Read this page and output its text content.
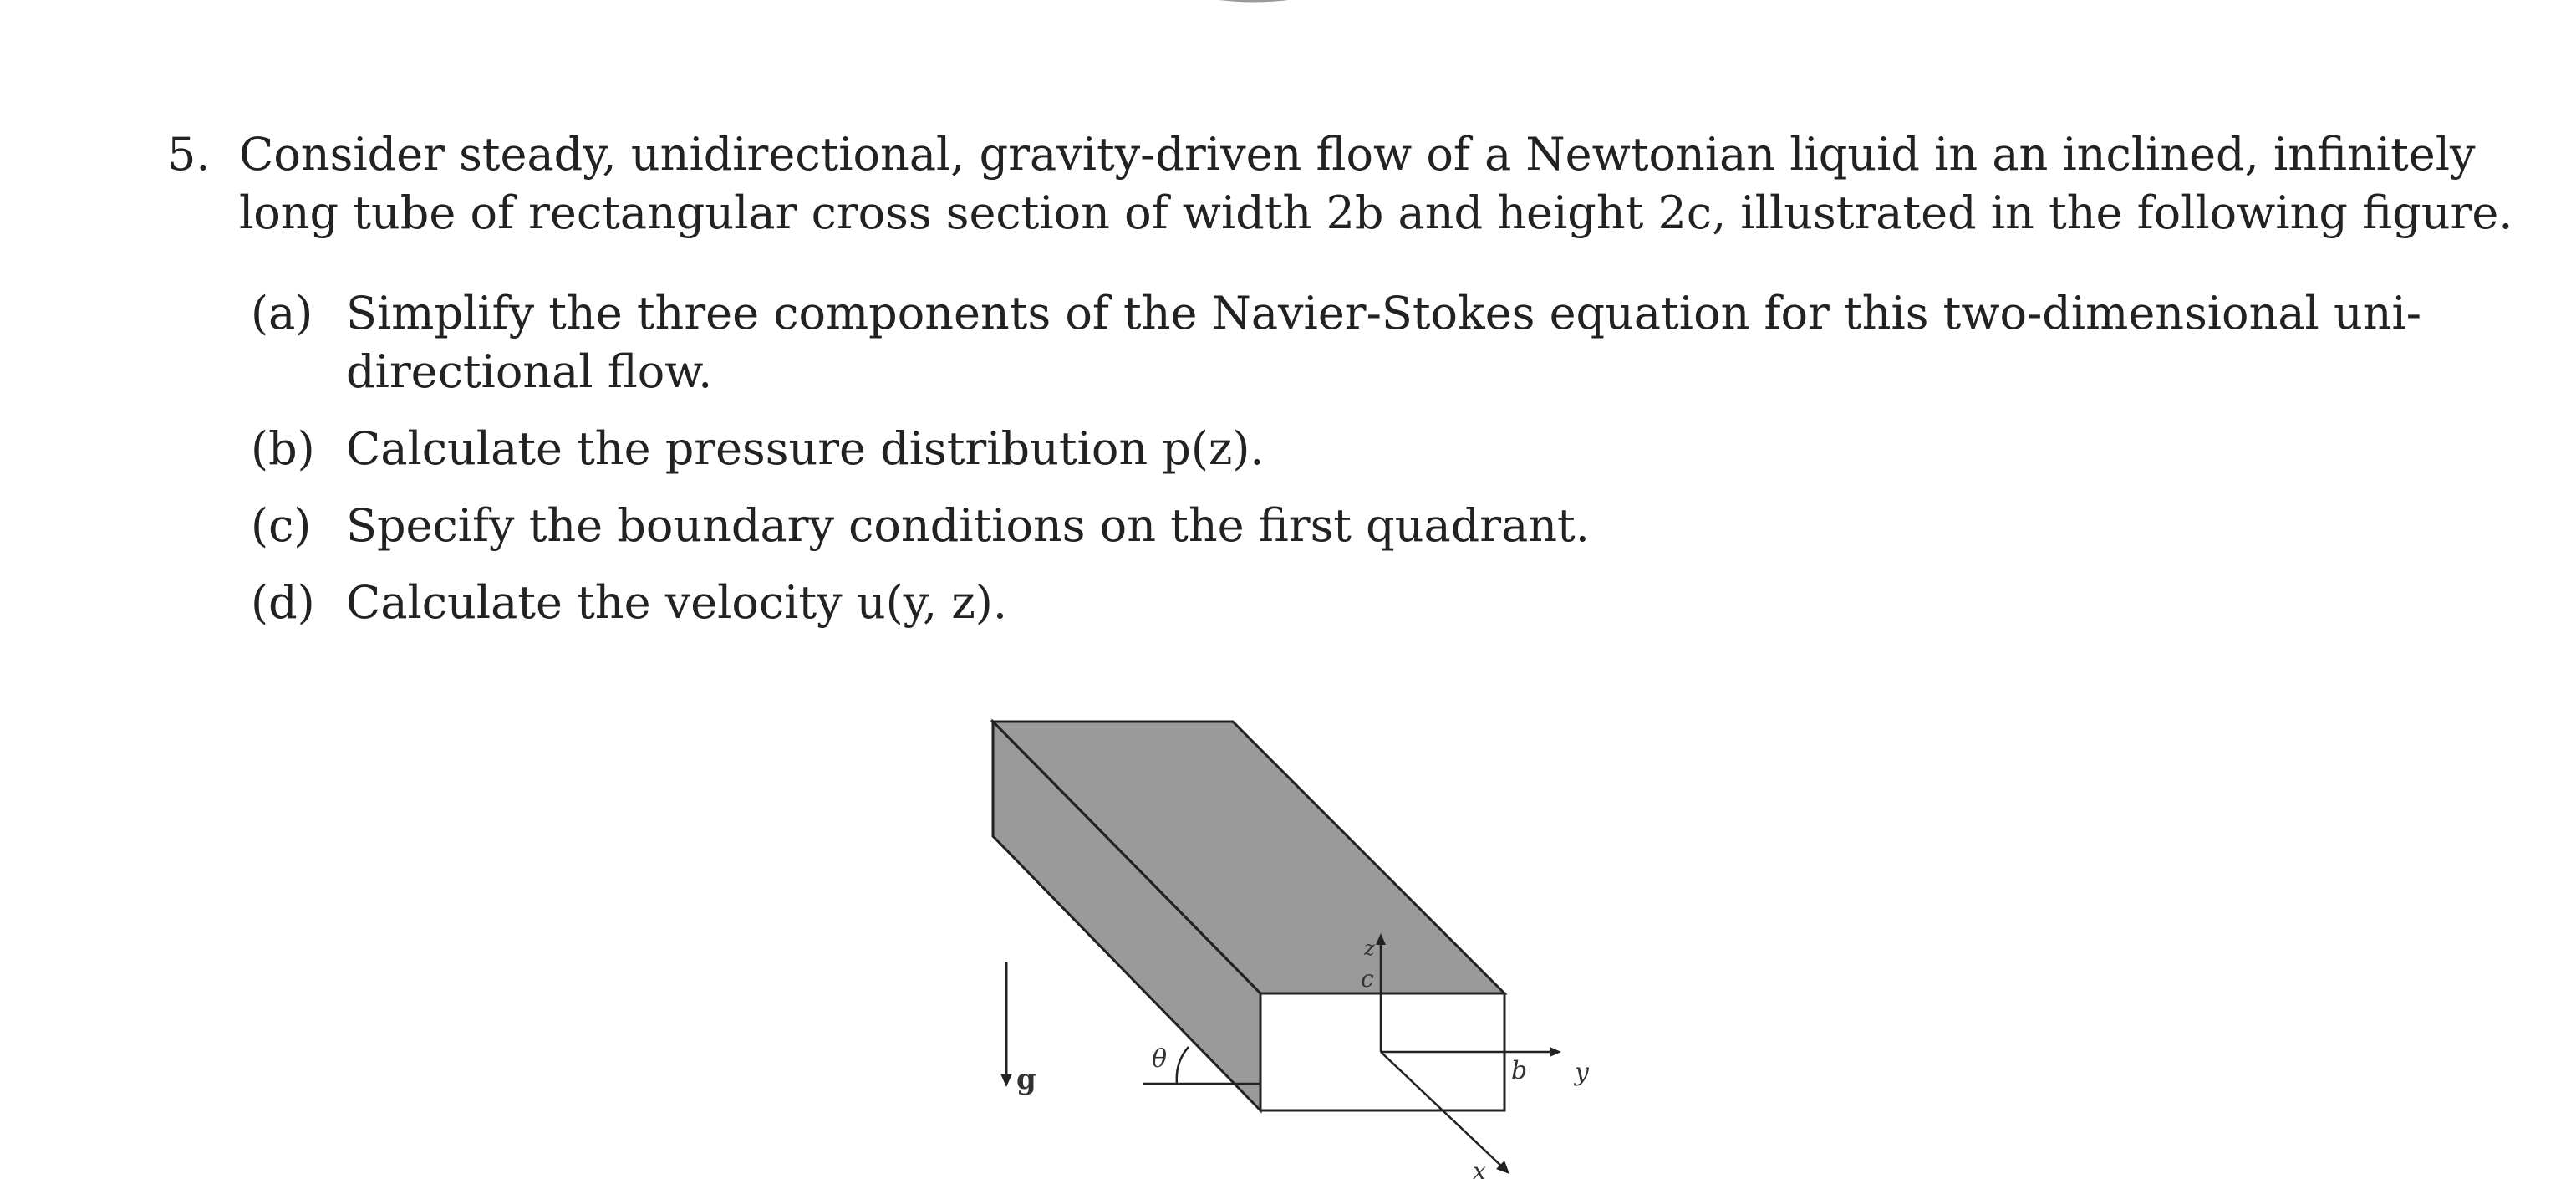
5. Consider steady, unidirectional, gravity-driven flow of a Newtonian liquid in an inclined, infinitely
long tube of rectangular cross section of width 2b and height 2c, illustrated in the following figure.
(a) Simplify the three components of the Navier-Stokes equation for this two-dimensional uni-
directional flow.
(b) Calculate the pressure distribution p(z).
(c) Specify the boundary conditions on the first quadrant.
(d) Calculate the velocity u(y, z).
z
c
b y
x
θ
g
